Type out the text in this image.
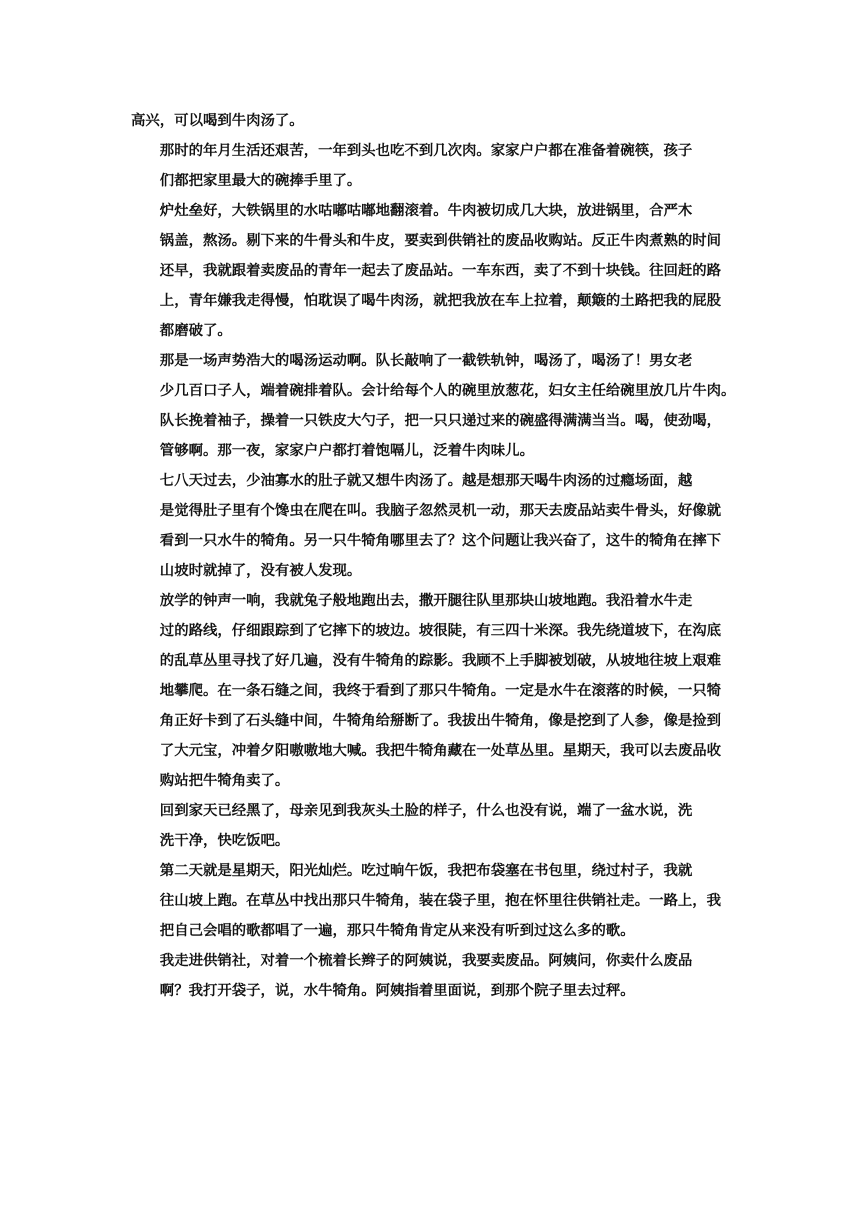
高兴，可以喝到牛肉汤了。

那时的年月生活还艰苦，一年到头也吃不到几次肉。家家户户都在准备着碗筷，孩子
们都把家里最大的碗捧手里了。

炉灶垒好，大铁锅里的水咕嘟咕嘟地翻滚着。牛肉被切成几大块，放进锅里，合严木
锅盖，熬汤。剔下来的牛骨头和牛皮，要卖到供销社的废品收购站。反正牛肉煮熟的时间
还早，我就跟着卖废品的青年一起去了废品站。一车东西，卖了不到十块钱。往回赶的路
上，青年嫌我走得慢，怕耽误了喝牛肉汤，就把我放在车上拉着，颠簸的土路把我的屁股
都磨破了。

那是一场声势浩大的喝汤运动啊。队长敲响了一截铁轨钟，喝汤了，喝汤了！男女老
少几百口子人，端着碗排着队。会计给每个人的碗里放葱花，妇女主任给碗里放几片牛肉。
队长挽着袖子，操着一只铁皮大勺子，把一只只递过来的碗盛得满满当当。喝，使劲喝，
管够啊。那一夜，家家户户都打着饱嗝儿，泛着牛肉味儿。

七八天过去，少油寡水的肚子就又想牛肉汤了。越是想那天喝牛肉汤的过瘾场面，越
是觉得肚子里有个馋虫在爬在叫。我脑子忽然灵机一动，那天去废品站卖牛骨头，好像就
看到一只水牛的犄角。另一只牛犄角哪里去了？这个问题让我兴奋了，这牛的犄角在摔下
山坡时就掉了，没有被人发现。

放学的钟声一响，我就兔子般地跑出去，撒开腿往队里那块山坡地跑。我沿着水牛走
过的路线，仔细跟踪到了它摔下的坡边。坡很陡，有三四十米深。我先绕道坡下，在沟底
的乱草丛里寻找了好几遍，没有牛犄角的踪影。我顾不上手脚被划破，从坡地往坡上艰难
地攀爬。在一条石缝之间，我终于看到了那只牛犄角。一定是水牛在滚落的时候，一只犄
角正好卡到了石头缝中间，牛犄角给掰断了。我拔出牛犄角，像是挖到了人参，像是捡到
了大元宝，冲着夕阳嗷嗷地大喊。我把牛犄角藏在一处草丛里。星期天，我可以去废品收
购站把牛犄角卖了。

回到家天已经黑了，母亲见到我灰头土脸的样子，什么也没有说，端了一盆水说，洗
洗干净，快吃饭吧。

第二天就是星期天，阳光灿烂。吃过晌午饭，我把布袋塞在书包里，绕过村子，我就
往山坡上跑。在草丛中找出那只牛犄角，装在袋子里，抱在怀里往供销社走。一路上，我
把自己会唱的歌都唱了一遍，那只牛犄角肯定从来没有听到过这么多的歌。

我走进供销社，对着一个梳着长辫子的阿姨说，我要卖废品。阿姨问，你卖什么废品
啊？我打开袋子，说，水牛犄角。阿姨指着里面说，到那个院子里去过秤。
